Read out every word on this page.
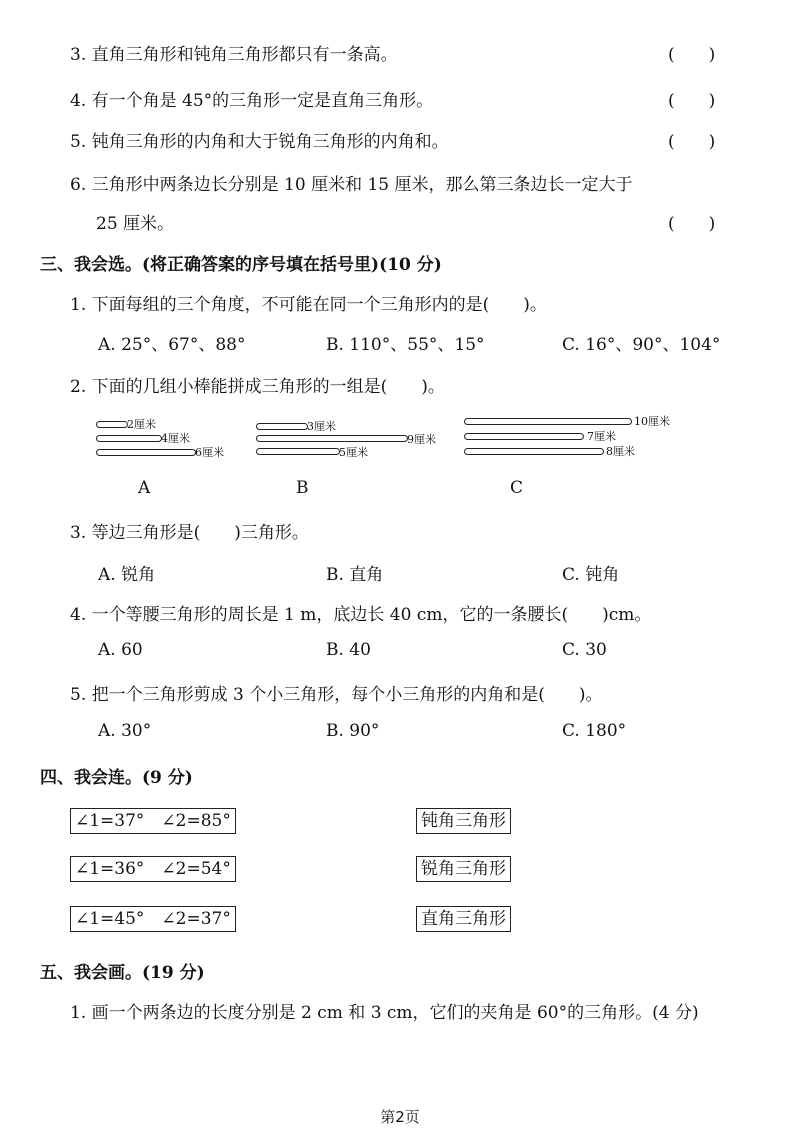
3. 直角三角形和钝角三角形都只有一条高。	(　　)
4. 有一个角是 45°的三角形一定是直角三角形。	(　　)
5. 钝角三角形的内角和大于锐角三角形的内角和。	(　　)
6. 三角形中两条边长分别是 10 厘米和 15 厘米，那么第三条边长一定大于
25 厘米。	(　　)
三、我会选。(将正确答案的序号填在括号里)(10 分)
1. 下面每组的三个角度，不可能在同一个三角形内的是(　　)。
A. 25°、67°、88°	B. 110°、55°、15°	C. 16°、90°、104°
2. 下面的几组小棒能拼成三角形的一组是(　　)。
2厘米
4厘米
6厘米
A
3厘米
9厘米
5厘米
B
10厘米
7厘米
8厘米
C
3. 等边三角形是(　　)三角形。
A. 锐角	B. 直角	C. 钝角
4. 一个等腰三角形的周长是 1 m，底边长 40 cm，它的一条腰长(　　)cm。
A. 60	B. 40	C. 30
5. 把一个三角形剪成 3 个小三角形，每个小三角形的内角和是(　　)。
A. 30°	B. 90°	C. 180°
四、我会连。(9 分)
∠1=37°　∠2=85°
∠1=36°　∠2=54°
∠1=45°　∠2=37°
钝角三角形
锐角三角形
直角三角形
五、我会画。(19 分)
1. 画一个两条边的长度分别是 2 cm 和 3 cm，它们的夹角是 60°的三角形。(4 分)
第2页
